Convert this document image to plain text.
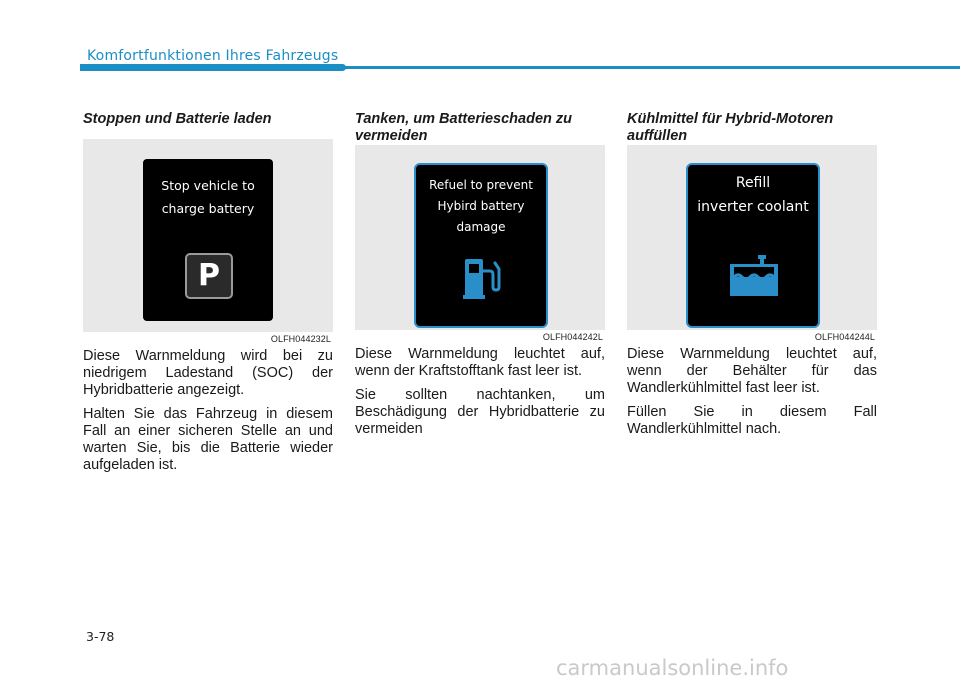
Komfortfunktionen Ihres Fahrzeugs
Stoppen und Batterie laden
Stop vehicle to
charge battery
P
OLFH044232L

Diese Warnmeldung wird bei zu niedrigem Ladestand (SOC) der Hybridbatterie angezeigt.

Halten Sie das Fahrzeug in diesem Fall an einer sicheren Stelle an und warten Sie, bis die Batterie wieder aufgeladen ist.

Tanken, um Batterieschaden zu vermeiden
Refuel to prevent
Hybird battery
damage
OLFH044242L

Diese Warnmeldung leuchtet auf, wenn der Kraftstofftank fast leer ist.

Sie sollten nachtanken, um Beschädigung der Hybridbatterie zu vermeiden

Kühlmittel für Hybrid-Motoren auffüllen
Refill
inverter coolant
OLFH044244L

Diese Warnmeldung leuchtet auf, wenn der Behälter für das Wandlerkühlmittel fast leer ist.

Füllen Sie in diesem Fall Wandlerkühlmittel nach.

3-78
carmanualsonline.info
